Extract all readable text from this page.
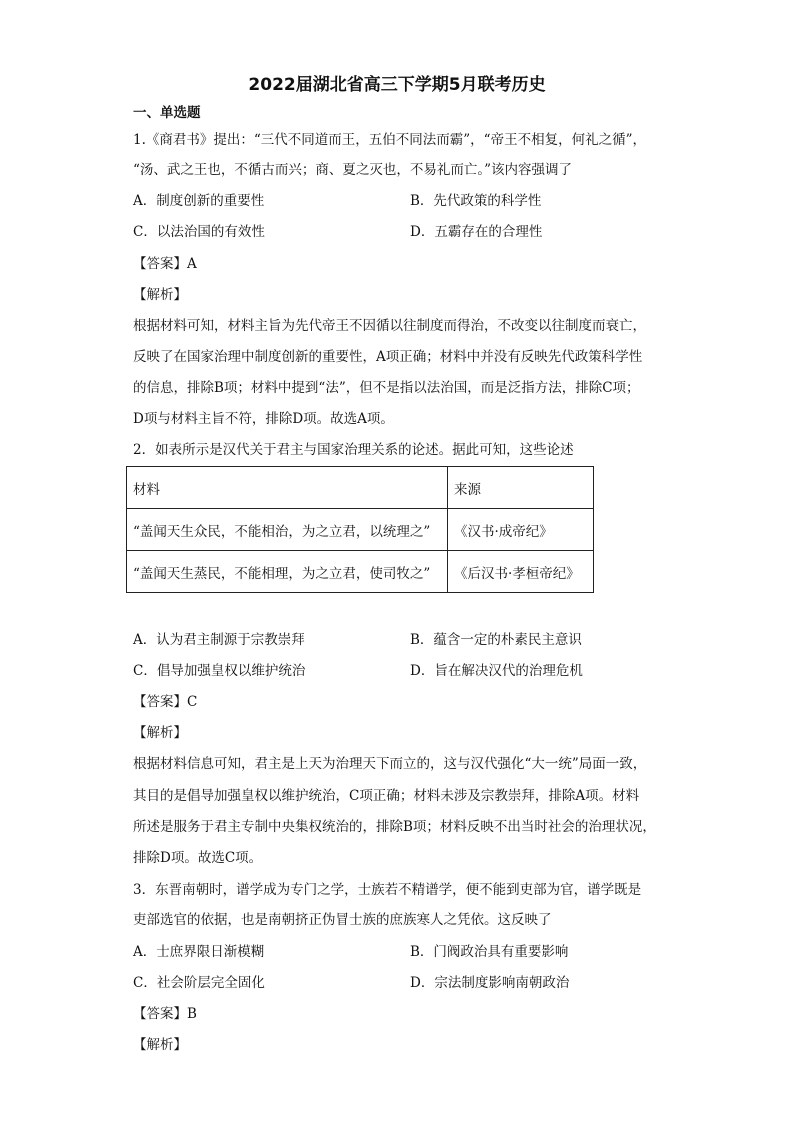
2022届湖北省高三下学期5月联考历史
一、单选题
1.《商君书》提出：“三代不同道而王，五伯不同法而霸”，“帝王不相复，何礼之循”，
“汤、武之王也，不循古而兴；商、夏之灭也，不易礼而亡。”该内容强调了
A．制度创新的重要性	B．先代政策的科学性
C．以法治国的有效性	D．五霸存在的合理性
【答案】A
【解析】
根据材料可知，材料主旨为先代帝王不因循以往制度而得治，不改变以往制度而衰亡，
反映了在国家治理中制度创新的重要性，A项正确；材料中并没有反映先代政策科学性
的信息，排除B项；材料中提到“法”，但不是指以法治国，而是泛指方法，排除C项；
D项与材料主旨不符，排除D项。故选A项。
2．如表所示是汉代关于君主与国家治理关系的论述。据此可知，这些论述
材料	来源
“盖闻天生众民，不能相治，为之立君，以统理之”	《汉书·成帝纪》
“盖闻天生蒸民，不能相理，为之立君，使司牧之”	《后汉书·孝桓帝纪》
A．认为君主制源于宗教崇拜	B．蕴含一定的朴素民主意识
C．倡导加强皇权以维护统治	D．旨在解决汉代的治理危机
【答案】C
【解析】
根据材料信息可知，君主是上天为治理天下而立的，这与汉代强化“大一统”局面一致，
其目的是倡导加强皇权以维护统治，C项正确；材料未涉及宗教崇拜，排除A项。材料
所述是服务于君主专制中央集权统治的，排除B项；材料反映不出当时社会的治理状况，
排除D项。故选C项。
3．东晋南朝时，谱学成为专门之学，士族若不精谱学，便不能到吏部为官，谱学既是
吏部选官的依据，也是南朝挤正伪冒士族的庶族寒人之凭依。这反映了
A．士庶界限日渐模糊	B．门阀政治具有重要影响
C．社会阶层完全固化	D．宗法制度影响南朝政治
【答案】B
【解析】
